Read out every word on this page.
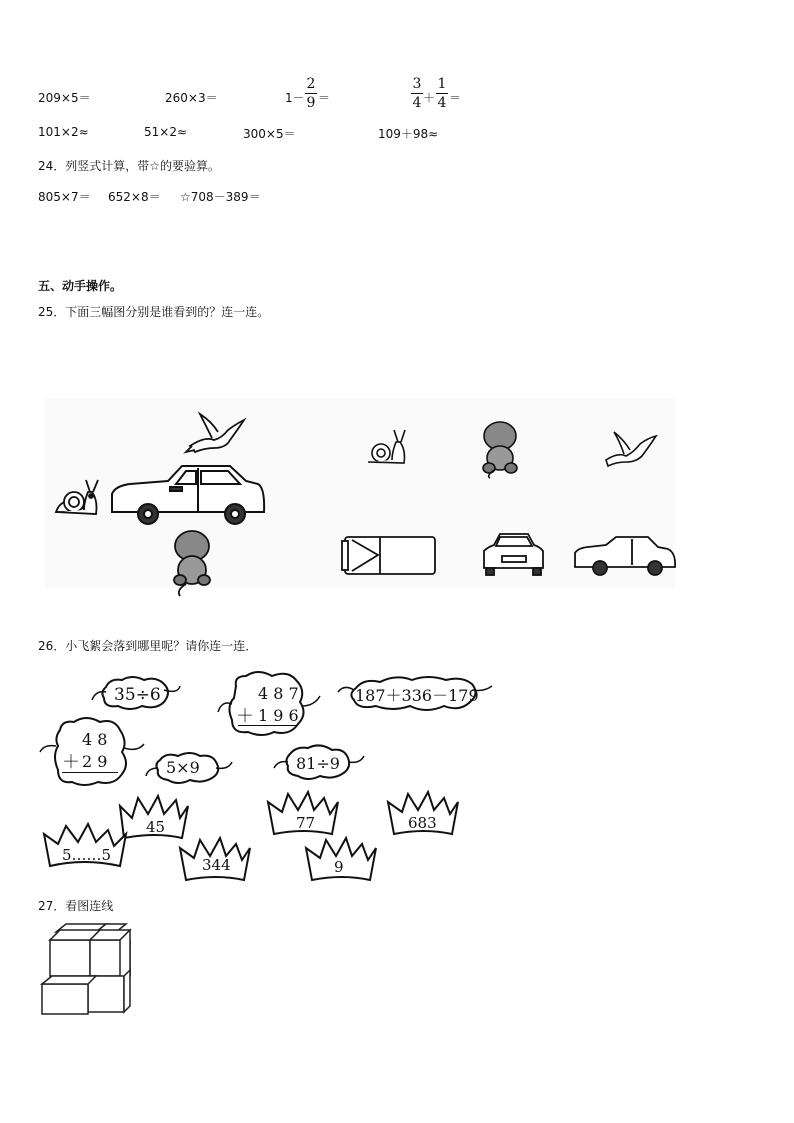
209×5＝	260×3＝	1－
2
9 ＝
3
4 ＋
1
4 ＝
101×2≈	51×2≈	300×5＝	109＋98≈
24．列竖式计算，带☆的要验算。
805×7＝ 652×8＝ ☆708－389＝
五、动手操作。
25．下面三幅图分别是谁看到的？连一连。
26．小飞絮会落到哪里呢？请你连一连．
35÷6	4 8 7
＋ 1 9 6
187＋336－179
4 8
＋ 2 9	5×9	81÷9
45	77	683
5……5
344	9
27．看图连线
